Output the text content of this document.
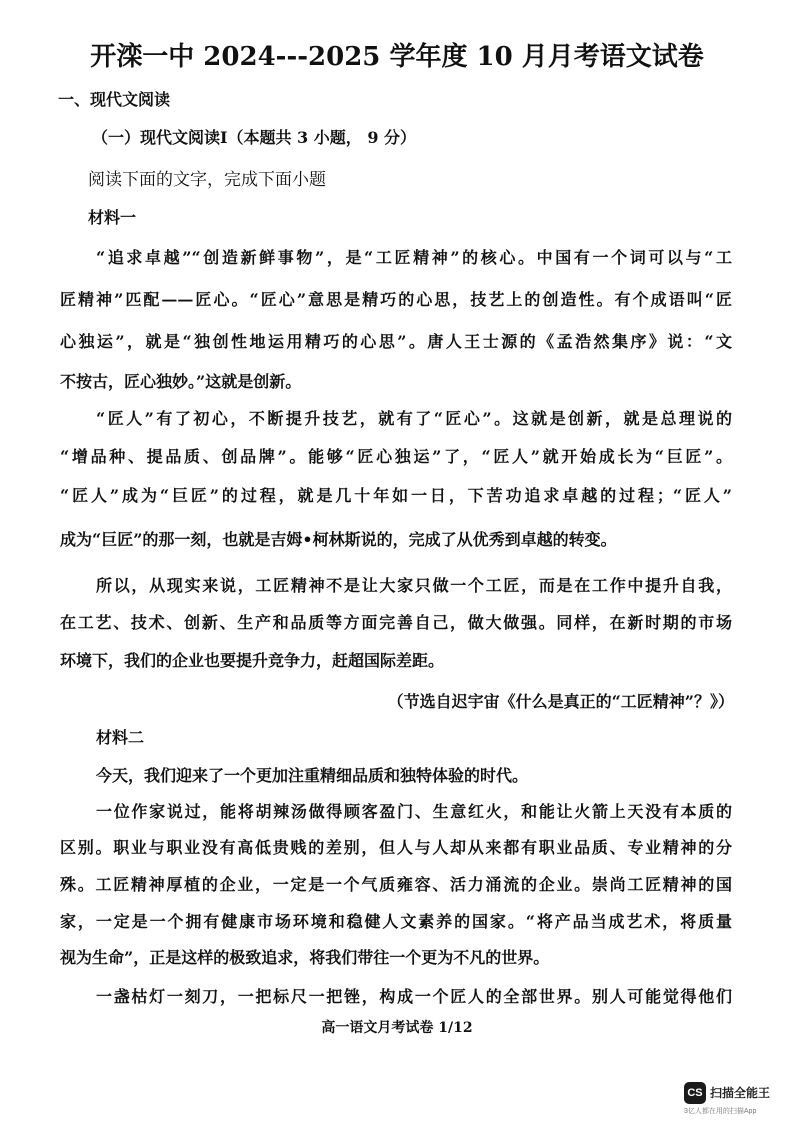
开滦一中 2024---2025 学年度 10 月月考语文试卷
一、现代文阅读
（一）现代文阅读Ⅰ（本题共 3 小题， 9 分）
阅读下面的文字，完成下面小题
材料一
“追求卓越”“创造新鲜事物”，是“工匠精神”的核心。中国有一个词可以与“工
匠精神”匹配——匠心。“匠心”意思是精巧的心思，技艺上的创造性。有个成语叫“匠
心独运”，就是“独创性地运用精巧的心思”。唐人王士源的《孟浩然集序》说：“文
不按古，匠心独妙。”这就是创新。
“匠人”有了初心，不断提升技艺，就有了“匠心”。这就是创新，就是总理说的
“增品种、提品质、创品牌”。能够“匠心独运”了，“匠人”就开始成长为“巨匠”。
“匠人”成为“巨匠”的过程，就是几十年如一日，下苦功追求卓越的过程；“匠人”
成为“巨匠”的那一刻，也就是吉姆•柯林斯说的，完成了从优秀到卓越的转变。
所以，从现实来说，工匠精神不是让大家只做一个工匠，而是在工作中提升自我，
在工艺、技术、创新、生产和品质等方面完善自己，做大做强。同样，在新时期的市场
环境下，我们的企业也要提升竞争力，赶超国际差距。
（节选自迟宇宙《什么是真正的“工匠精神”？》）
材料二
今天，我们迎来了一个更加注重精细品质和独特体验的时代。
一位作家说过，能将胡辣汤做得顾客盈门、生意红火，和能让火箭上天没有本质的
区别。职业与职业没有高低贵贱的差别，但人与人却从来都有职业品质、专业精神的分
殊。工匠精神厚植的企业，一定是一个气质雍容、活力涌流的企业。崇尚工匠精神的国
家，一定是一个拥有健康市场环境和稳健人文素养的国家。“将产品当成艺术，将质量
视为生命”，正是这样的极致追求，将我们带往一个更为不凡的世界。
一盏枯灯一刻刀，一把标尺一把锉，构成一个匠人的全部世界。别人可能觉得他们
高一语文月考试卷 1/12
CS 扫描全能王
3亿人都在用的扫描App
